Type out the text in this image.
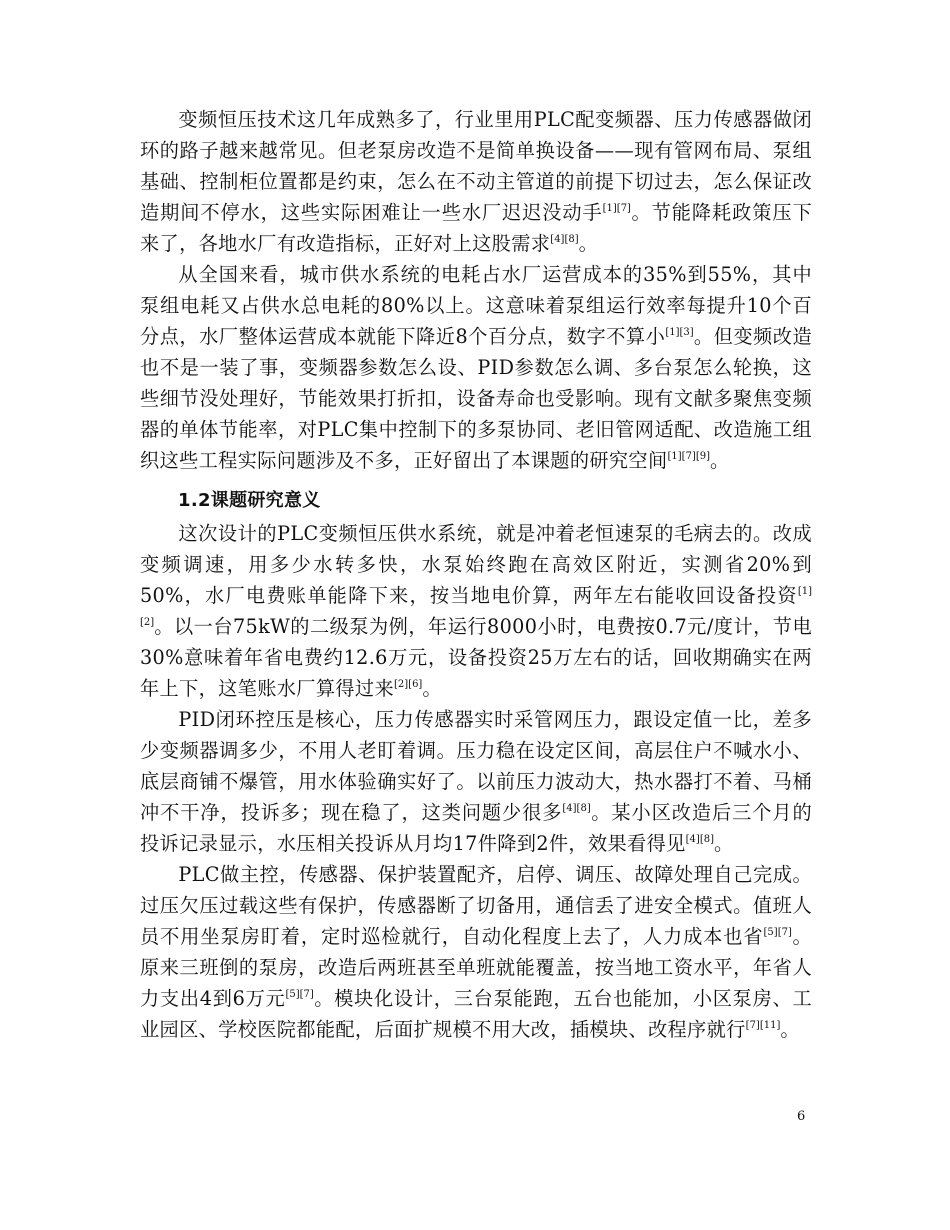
变频恒压技术这几年成熟多了，行业里用PLC配变频器、压力传感器做闭环的路子越来越常见。但老泵房改造不是简单换设备——现有管网布局、泵组基础、控制柜位置都是约束，怎么在不动主管道的前提下切过去，怎么保证改造期间不停水，这些实际困难让一些水厂迟迟没动手[1][7]。节能降耗政策压下来了，各地水厂有改造指标，正好对上这股需求[4][8]。

从全国来看，城市供水系统的电耗占水厂运营成本的35%到55%，其中泵组电耗又占供水总电耗的80%以上。这意味着泵组运行效率每提升10个百分点，水厂整体运营成本就能下降近8个百分点，数字不算小[1][3]。但变频改造也不是一装了事，变频器参数怎么设、PID参数怎么调、多台泵怎么轮换，这些细节没处理好，节能效果打折扣，设备寿命也受影响。现有文献多聚焦变频器的单体节能率，对PLC集中控制下的多泵协同、老旧管网适配、改造施工组织这些工程实际问题涉及不多，正好留出了本课题的研究空间[1][7][9]。

1.2课题研究意义

这次设计的PLC变频恒压供水系统，就是冲着老恒速泵的毛病去的。改成变频调速，用多少水转多快，水泵始终跑在高效区附近，实测省20%到50%，水厂电费账单能降下来，按当地电价算，两年左右能收回设备投资[1][2]。以一台75kW的二级泵为例，年运行8000小时，电费按0.7元/度计，节电30%意味着年省电费约12.6万元，设备投资25万左右的话，回收期确实在两年上下，这笔账水厂算得过来[2][6]。

PID闭环控压是核心，压力传感器实时采管网压力，跟设定值一比，差多少变频器调多少，不用人老盯着调。压力稳在设定区间，高层住户不喊水小、底层商铺不爆管，用水体验确实好了。以前压力波动大，热水器打不着、马桶冲不干净，投诉多；现在稳了，这类问题少很多[4][8]。某小区改造后三个月的投诉记录显示，水压相关投诉从月均17件降到2件，效果看得见[4][8]。

PLC做主控，传感器、保护装置配齐，启停、调压、故障处理自己完成。过压欠压过载这些有保护，传感器断了切备用，通信丢了进安全模式。值班人员不用坐泵房盯着，定时巡检就行，自动化程度上去了，人力成本也省[5][7]。原来三班倒的泵房，改造后两班甚至单班就能覆盖，按当地工资水平，年省人力支出4到6万元[5][7]。模块化设计，三台泵能跑，五台也能加，小区泵房、工业园区、学校医院都能配，后面扩规模不用大改，插模块、改程序就行[7][11]。

6
